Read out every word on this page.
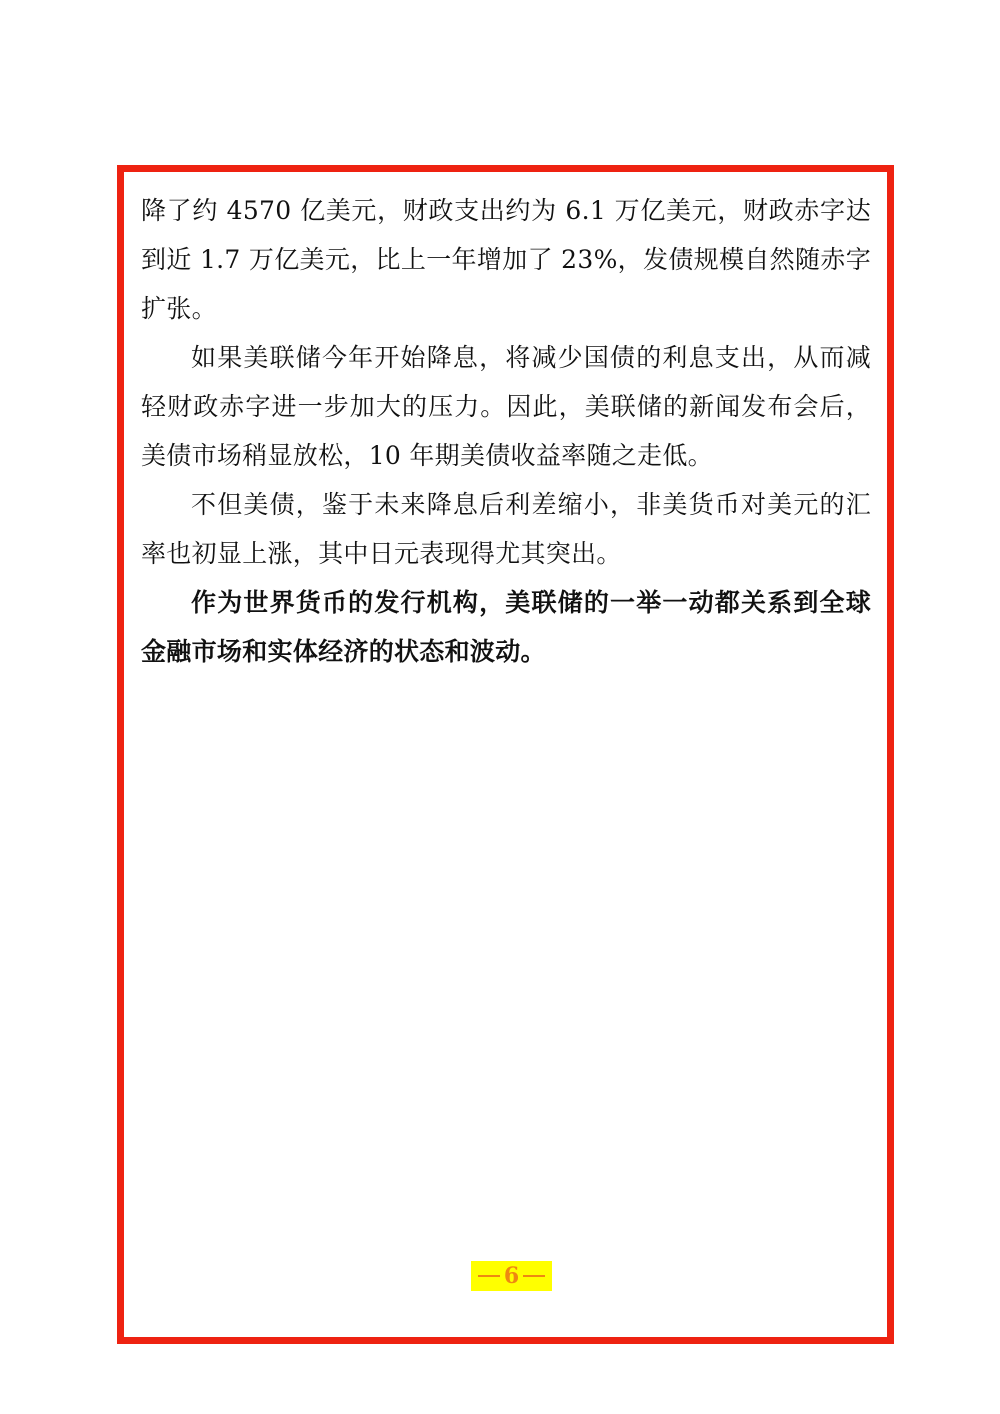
降了约 4570 亿美元，财政支出约为 6.1 万亿美元，财政赤字达到近 1.7 万亿美元，比上一年增加了 23%，发债规模自然随赤字扩张。

如果美联储今年开始降息，将减少国债的利息支出，从而减轻财政赤字进一步加大的压力。因此，美联储的新闻发布会后，美债市场稍显放松，10 年期美债收益率随之走低。

不但美债，鉴于未来降息后利差缩小，非美货币对美元的汇率也初显上涨，其中日元表现得尤其突出。

作为世界货币的发行机构，美联储的一举一动都关系到全球金融市场和实体经济的状态和波动。

6
